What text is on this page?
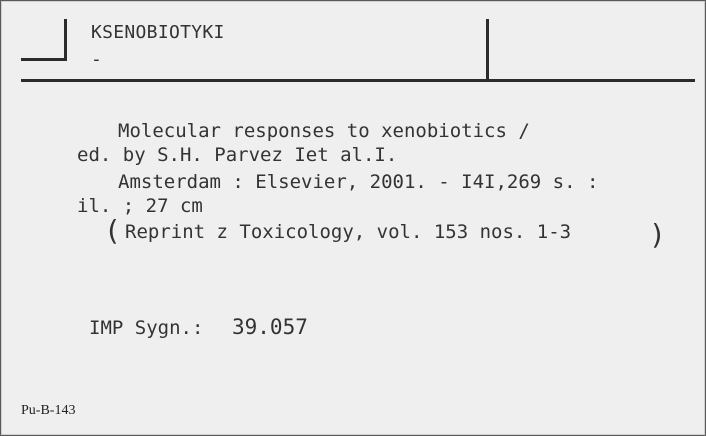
KSENOBIOTYKI
-
Molecular responses to xenobiotics /
ed. by S.H. Parvez Iet al.I.
Amsterdam : Elsevier, 2001. - I4I,269 s. :
il. ; 27 cm
( Reprint z Toxicology, vol. 153 nos. 1-3	)
IMP Sygn.: 39.057
Pu-B-143
